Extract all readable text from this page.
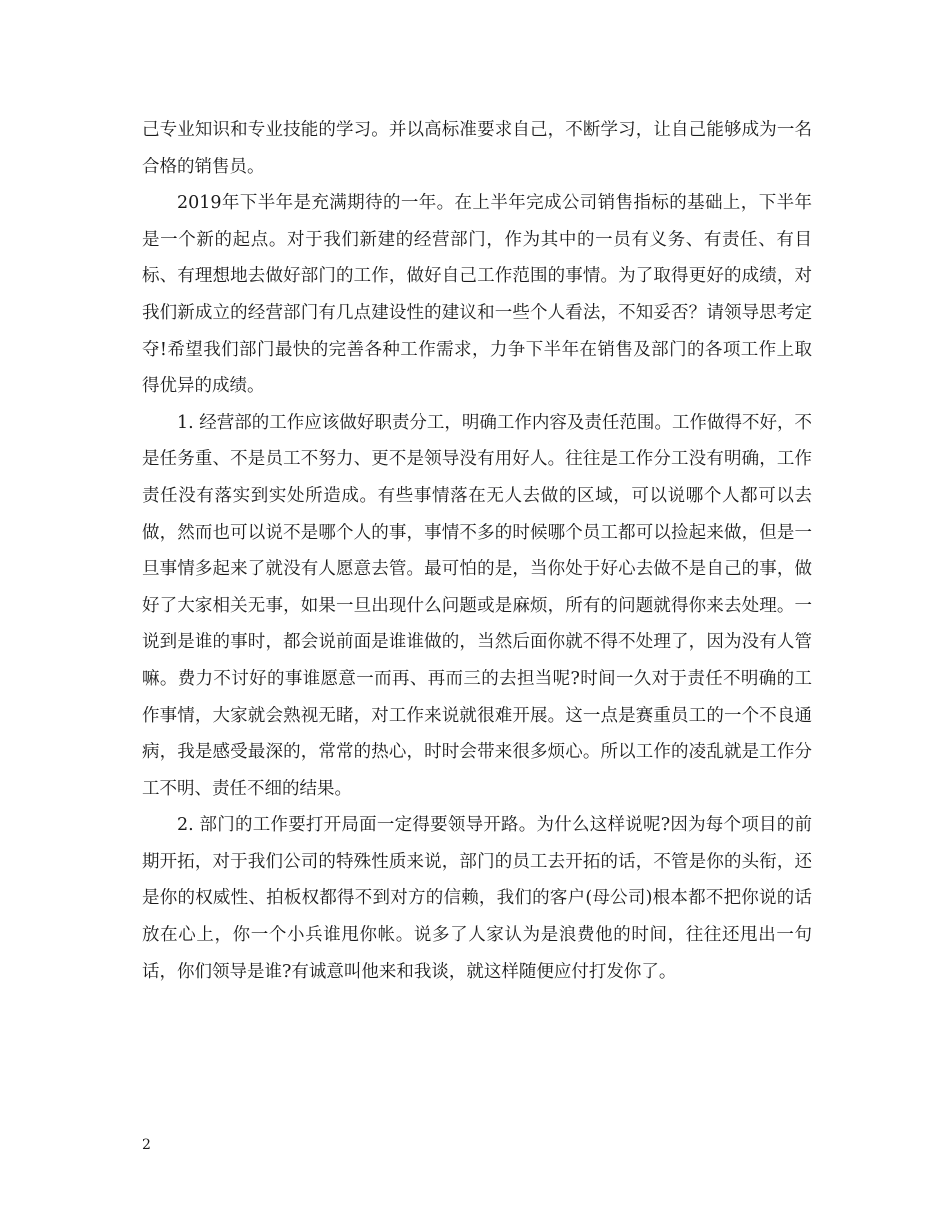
己专业知识和专业技能的学习。并以高标准要求自己，不断学习，让自己能够成为一名合格的销售员。

2019年下半年是充满期待的一年。在上半年完成公司销售指标的基础上，下半年是一个新的起点。对于我们新建的经营部门，作为其中的一员有义务、有责任、有目标、有理想地去做好部门的工作，做好自己工作范围的事情。为了取得更好的成绩，对我们新成立的经营部门有几点建设性的建议和一些个人看法，不知妥否？请领导思考定夺!希望我们部门最快的完善各种工作需求，力争下半年在销售及部门的各项工作上取得优异的成绩。

1. 经营部的工作应该做好职责分工，明确工作内容及责任范围。工作做得不好，不是任务重、不是员工不努力、更不是领导没有用好人。往往是工作分工没有明确，工作责任没有落实到实处所造成。有些事情落在无人去做的区域，可以说哪个人都可以去做，然而也可以说不是哪个人的事，事情不多的时候哪个员工都可以捡起来做，但是一旦事情多起来了就没有人愿意去管。最可怕的是，当你处于好心去做不是自己的事，做好了大家相关无事，如果一旦出现什么问题或是麻烦，所有的问题就得你来去处理。一说到是谁的事时，都会说前面是谁谁做的，当然后面你就不得不处理了，因为没有人管嘛。费力不讨好的事谁愿意一而再、再而三的去担当呢?时间一久对于责任不明确的工作事情，大家就会熟视无睹，对工作来说就很难开展。这一点是赛重员工的一个不良通病，我是感受最深的，常常的热心，时时会带来很多烦心。所以工作的凌乱就是工作分工不明、责任不细的结果。

2. 部门的工作要打开局面一定得要领导开路。为什么这样说呢?因为每个项目的前期开拓，对于我们公司的特殊性质来说，部门的员工去开拓的话，不管是你的头衔，还是你的权威性、拍板权都得不到对方的信赖，我们的客户(母公司)根本都不把你说的话放在心上，你一个小兵谁甩你帐。说多了人家认为是浪费他的时间，往往还甩出一句话，你们领导是谁?有诚意叫他来和我谈，就这样随便应付打发你了。

2
